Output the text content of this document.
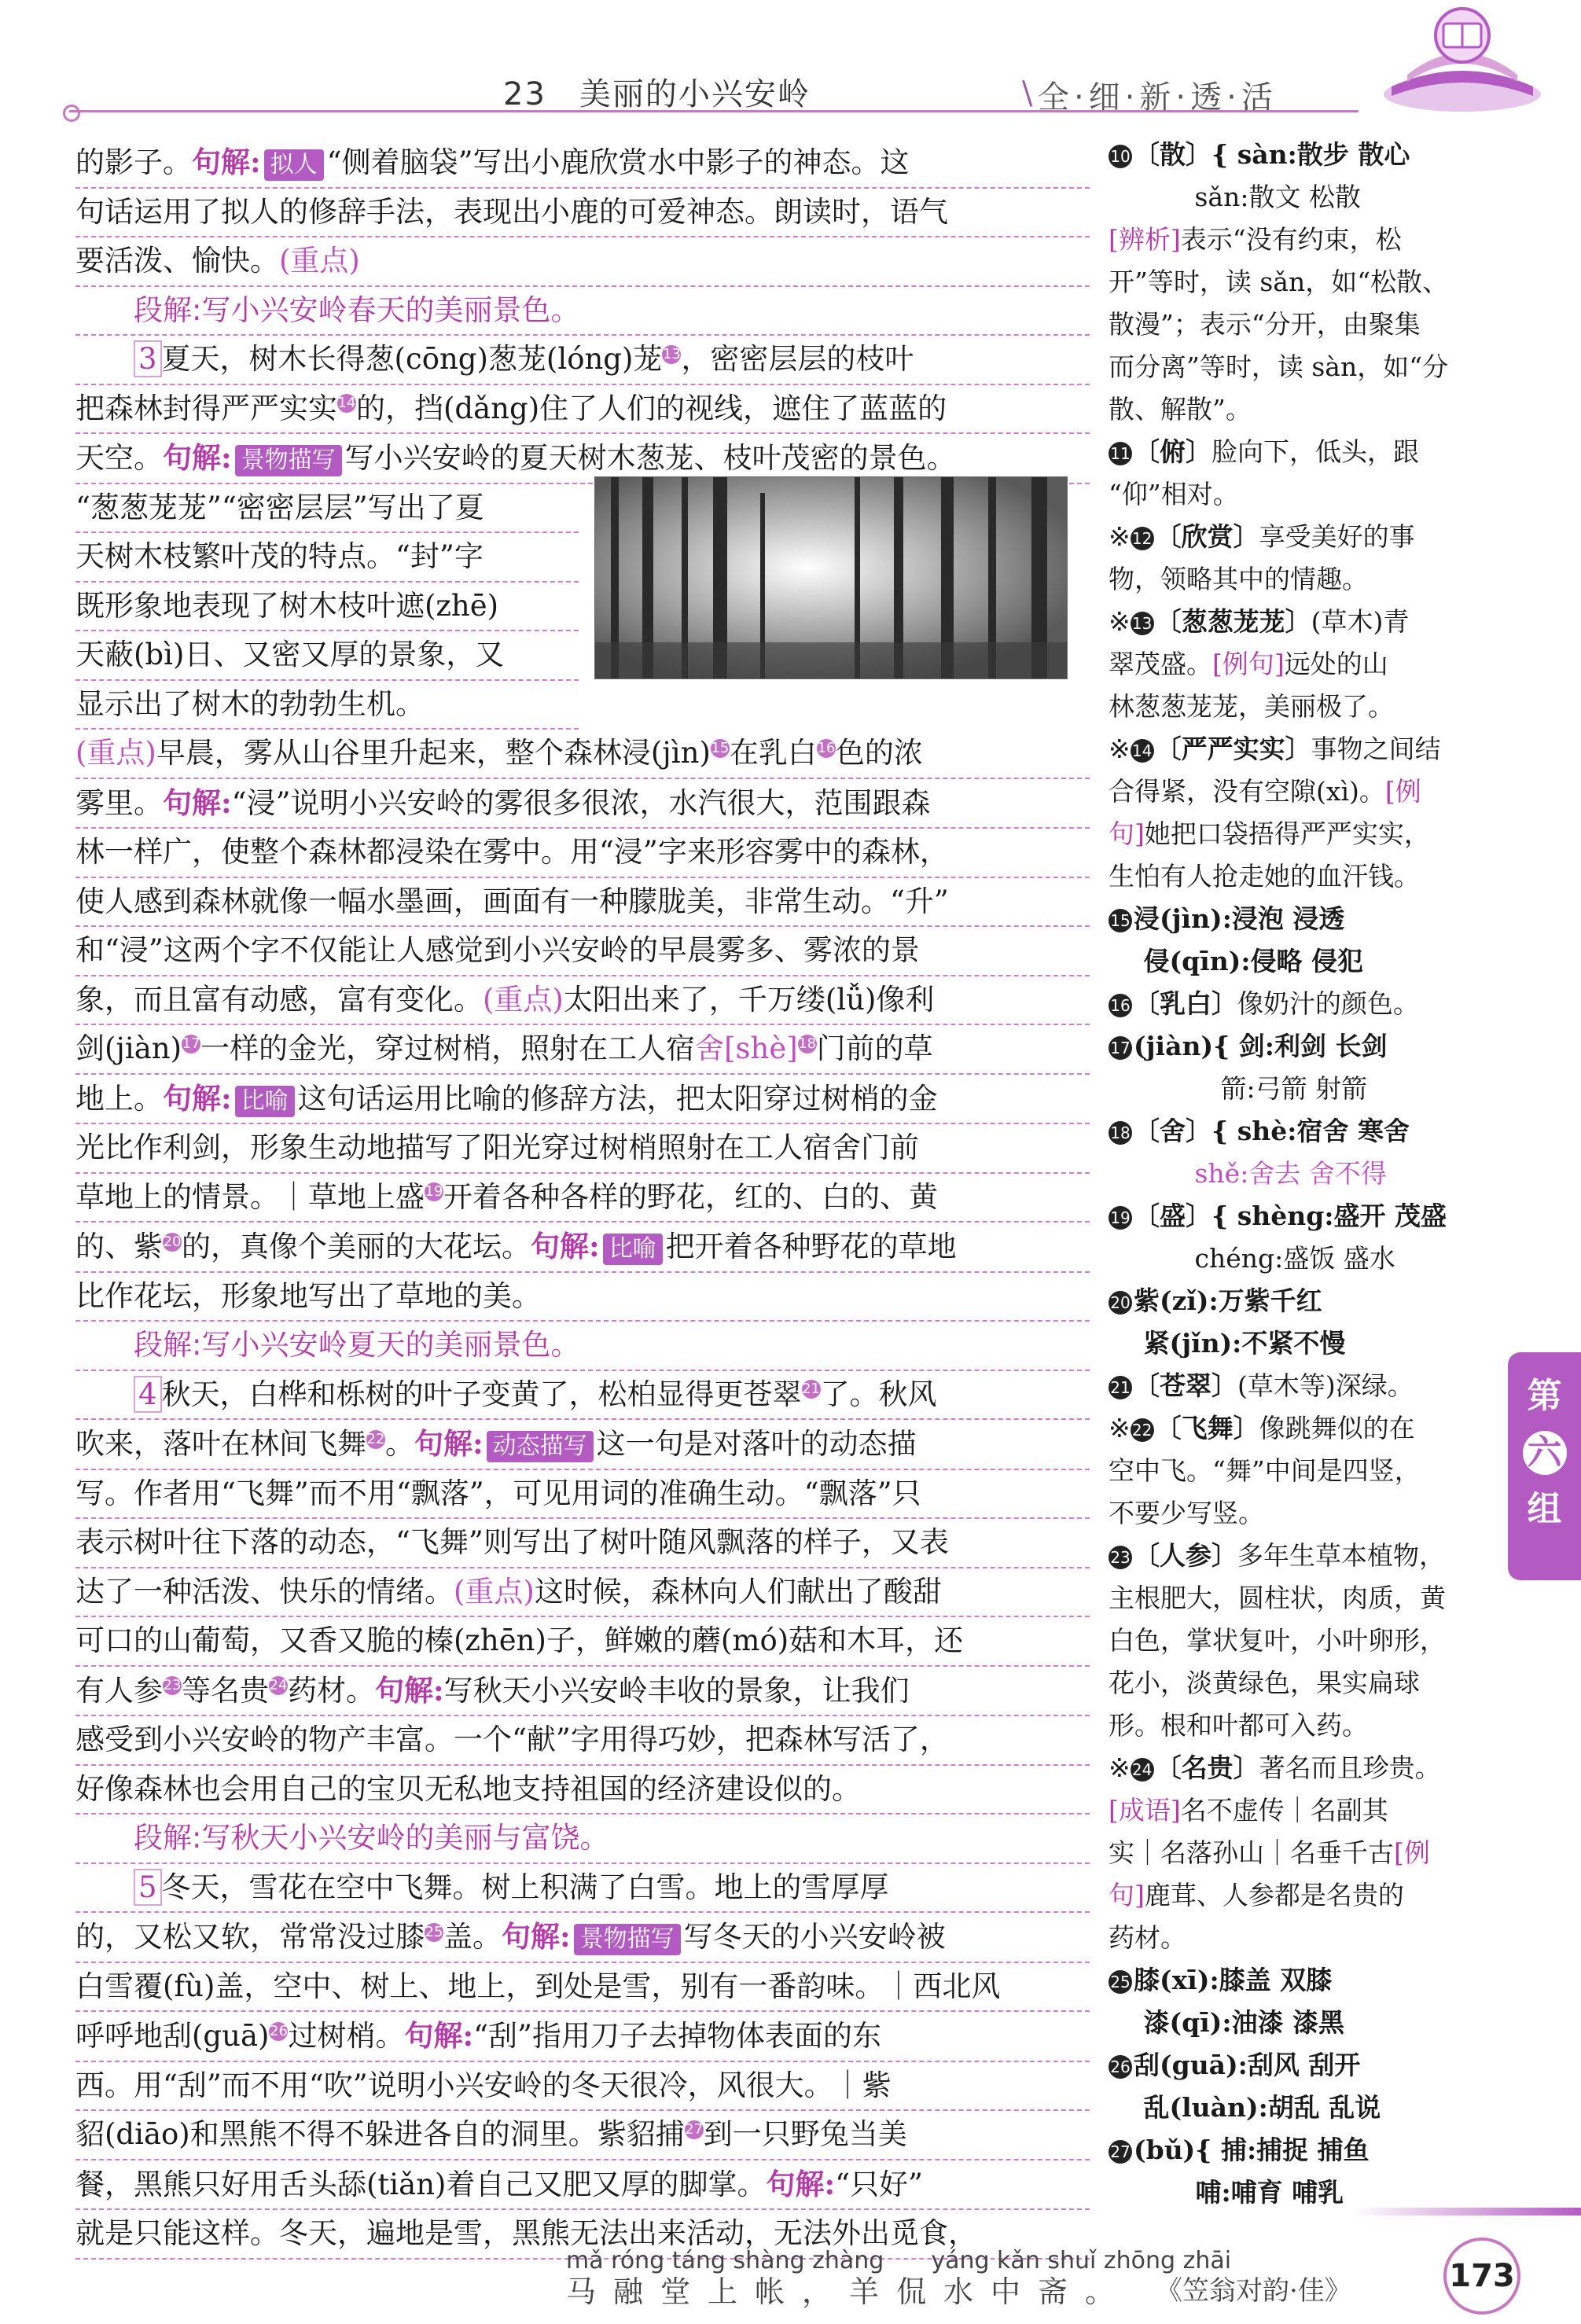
23　美丽的小兴安岭	\ 全·细·新·透·活
的影子。句解: 拟人 “侧着脑袋”写出小鹿欣赏水中影子的神态。这
句话运用了拟人的修辞手法，表现出小鹿的可爱神态。朗读时，语气
要活泼、愉快。(重点)
段解:写小兴安岭春天的美丽景色。
3 夏天，树木长得葱(cōng)葱茏(lóng)茏13，密密层层的枝叶
把森林封得严严实实14的，挡(dǎng)住了人们的视线，遮住了蓝蓝的
天空。句解: 景物描写 写小兴安岭的夏天树木葱茏、枝叶茂密的景色。
“葱葱茏茏”“密密层层”写出了夏
天树木枝繁叶茂的特点。“封”字
既形象地表现了树木枝叶遮(zhē)
天蔽(bì)日、又密又厚的景象，又
显示出了树木的勃勃生机。
(重点)早晨，雾从山谷里升起来，整个森林浸(jìn)15在乳白16色的浓
雾里。句解:“浸”说明小兴安岭的雾很多很浓，水汽很大，范围跟森
林一样广，使整个森林都浸染在雾中。用“浸”字来形容雾中的森林，
使人感到森林就像一幅水墨画，画面有一种朦胧美，非常生动。“升”
和“浸”这两个字不仅能让人感觉到小兴安岭的早晨雾多、雾浓的景
象，而且富有动感，富有变化。(重点)太阳出来了，千万缕(lǚ)像利
剑(jiàn)17一样的金光，穿过树梢，照射在工人宿舍[shè]18门前的草
地上。句解: 比喻 这句话运用比喻的修辞方法，把太阳穿过树梢的金
光比作利剑，形象生动地描写了阳光穿过树梢照射在工人宿舍门前
草地上的情景。｜草地上盛19开着各种各样的野花，红的、白的、黄
的、紫20的，真像个美丽的大花坛。句解: 比喻 把开着各种野花的草地
比作花坛，形象地写出了草地的美。
段解:写小兴安岭夏天的美丽景色。
4 秋天，白桦和栎树的叶子变黄了，松柏显得更苍翠21了。秋风
吹来，落叶在林间飞舞22。句解: 动态描写 这一句是对落叶的动态描
写。作者用“飞舞”而不用“飘落”，可见用词的准确生动。“飘落”只
表示树叶往下落的动态，“飞舞”则写出了树叶随风飘落的样子，又表
达了一种活泼、快乐的情绪。(重点)这时候，森林向人们献出了酸甜
可口的山葡萄，又香又脆的榛(zhēn)子，鲜嫩的蘑(mó)菇和木耳，还
有人参23等名贵24药材。句解:写秋天小兴安岭丰收的景象，让我们
感受到小兴安岭的物产丰富。一个“献”字用得巧妙，把森林写活了，
好像森林也会用自己的宝贝无私地支持祖国的经济建设似的。
段解:写秋天小兴安岭的美丽与富饶。
5 冬天，雪花在空中飞舞。树上积满了白雪。地上的雪厚厚
的，又松又软，常常没过膝25盖。句解: 景物描写 写冬天的小兴安岭被
白雪覆(fù)盖，空中、树上、地上，到处是雪，别有一番韵味。｜西北风
呼呼地刮(guā)26过树梢。句解:“刮”指用刀子去掉物体表面的东
西。用“刮”而不用“吹”说明小兴安岭的冬天很冷，风很大。｜紫
貂(diāo)和黑熊不得不躲进各自的洞里。紫貂捕27到一只野兔当美
餐，黑熊只好用舌头舔(tiǎn)着自己又肥又厚的脚掌。句解:“只好”
就是只能这样。冬天，遍地是雪，黑熊无法出来活动，无法外出觅食，
10 〔散〕{ sàn:散步 散心
　　　 sǎn:散文 松散
[辨析]表示“没有约束，松
开”等时，读 sǎn，如“松散、
散漫”；表示“分开，由聚集
而分离”等时，读 sàn，如“分
散、解散”。
11 〔俯〕脸向下，低头，跟
“仰”相对。
※ 12 〔欣赏〕享受美好的事
物，领略其中的情趣。
※ 13 〔葱葱茏茏〕(草木)青
翠茂盛。[例句]远处的山
林葱葱茏茏，美丽极了。
※ 14 〔严严实实〕事物之间结
合得紧，没有空隙(xì)。[例
句]她把口袋捂得严严实实，
生怕有人抢走她的血汗钱。
15 浸(jìn):浸泡 浸透
　 侵(qīn):侵略 侵犯
16 〔乳白〕像奶汁的颜色。
17 (jiàn){ 剑:利剑 长剑
　　　　 箭:弓箭 射箭
18 〔舍〕{ shè:宿舍 寒舍
　　　 shě:舍去 舍不得
19 〔盛〕{ shèng:盛开 茂盛
　　　 chéng:盛饭 盛水
20 紫(zǐ):万紫千红
　 紧(jǐn):不紧不慢
21 〔苍翠〕(草木等)深绿。
※ 22 〔飞舞〕像跳舞似的在
空中飞。“舞”中间是四竖，
不要少写竖。
23 〔人参〕多年生草本植物，
主根肥大，圆柱状，肉质，黄
白色，掌状复叶，小叶卵形，
花小，淡黄绿色，果实扁球
形。根和叶都可入药。
※ 24 〔名贵〕著名而且珍贵。
[成语]名不虚传｜名副其
实｜名落孙山｜名垂千古[例
句]鹿茸、人参都是名贵的
药材。
25 膝(xī):膝盖 双膝
　 漆(qī):油漆 漆黑
26 刮(guā):刮风 刮开
　 乱(luàn):胡乱 乱说
27 (bǔ){ 捕:捕捉 捕鱼
　　　 哺:哺育 哺乳
第
六
组
mǎ róng táng shàng zhàng　　yáng kǎn shuǐ zhōng zhāi
马融堂上帐，羊侃水中斋。 《笠翁对韵·佳》	173
